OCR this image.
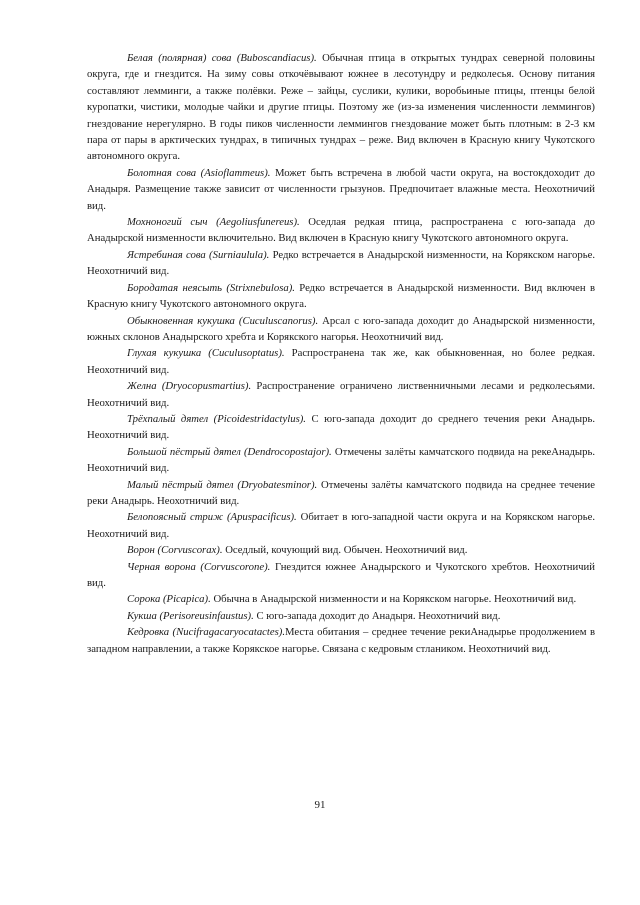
Белая (полярная) сова (Buboscandiacus). Обычная птица в открытых тундрах северной половины округа, где и гнездится. На зиму совы откочёвывают южнее в лесотундру и редколесья. Основу питания составляют лемминги, а также полёвки. Реже – зайцы, суслики, кулики, воробьиные птицы, птенцы белой куропатки, чистики, молодые чайки и другие птицы. Поэтому же (из-за изменения численности леммингов) гнездование нерегулярно. В годы пиков численности леммингов гнездование может быть плотным: в 2-3 км пара от пары в арктических тундрах, в типичных тундрах – реже. Вид включен в Красную книгу Чукотского автономного округа.

Болотная сова (Asioflammeus). Может быть встречена в любой части округа, на востокдоходит до Анадыря. Размещение также зависит от численности грызунов. Предпочитает влажные места. Неохотничий вид.

Мохноногий сыч (Aegoliusfunereus). Оседлая редкая птица, распространена с юго-запада до Анадырской низменности включительно. Вид включен в Красную книгу Чукотского автономного округа.

Ястребиная сова (Surniaulula). Редко встречается в Анадырской низменности, на Корякском нагорье. Неохотничий вид.

Бородатая неясыть (Strixnebulosa). Редко встречается в Анадырской низменности. Вид включен в Красную книгу Чукотского автономного округа.

Обыкновенная кукушка (Cuculuscanorus). Арсал с юго-запада доходит до Анадырской низменности, южных склонов Анадырского хребта и Корякского нагорья. Неохотничий вид.

Глухая кукушка (Cuculusoptatus). Распространена так же, как обыкновенная, но более редкая. Неохотничий вид.

Желна (Dryocopusmartius). Распространение ограничено лиственничными лесами и редколесьями. Неохотничий вид.

Трёхпалый дятел (Picoidestridactylus). С юго-запада доходит до среднего течения реки Анадырь. Неохотничий вид.

Большой пёстрый дятел (Dendrocopostajor). Отмечены залёты камчатского подвида на рекеАнадырь. Неохотничий вид.

Малый пёстрый дятел (Dryobatesminor). Отмечены залёты камчатского подвида на среднее течение реки Анадырь. Неохотничий вид.

Белопоясный стриж (Apuspacificus). Обитает в юго-западной части округа и на Корякском нагорье. Неохотничий вид.

Ворон (Corvuscorax). Оседлый, кочующий вид. Обычен. Неохотничий вид.

Черная ворона (Corvuscorone). Гнездится южнее Анадырского и Чукотского хребтов. Неохотничий вид.

Сорока (Picapica). Обычна в Анадырской низменности и на Корякском нагорье. Неохотничий вид.

Кукша (Perisoreusinfaustus). С юго-запада доходит до Анадыря. Неохотничий вид.

Кедровка (Nucifragacaryocatactes).Места обитания – среднее течение рекиАнадырье продолжением в западном направлении, а также Корякское нагорье. Связана с кедровым стлаником. Неохотничий вид.

91
